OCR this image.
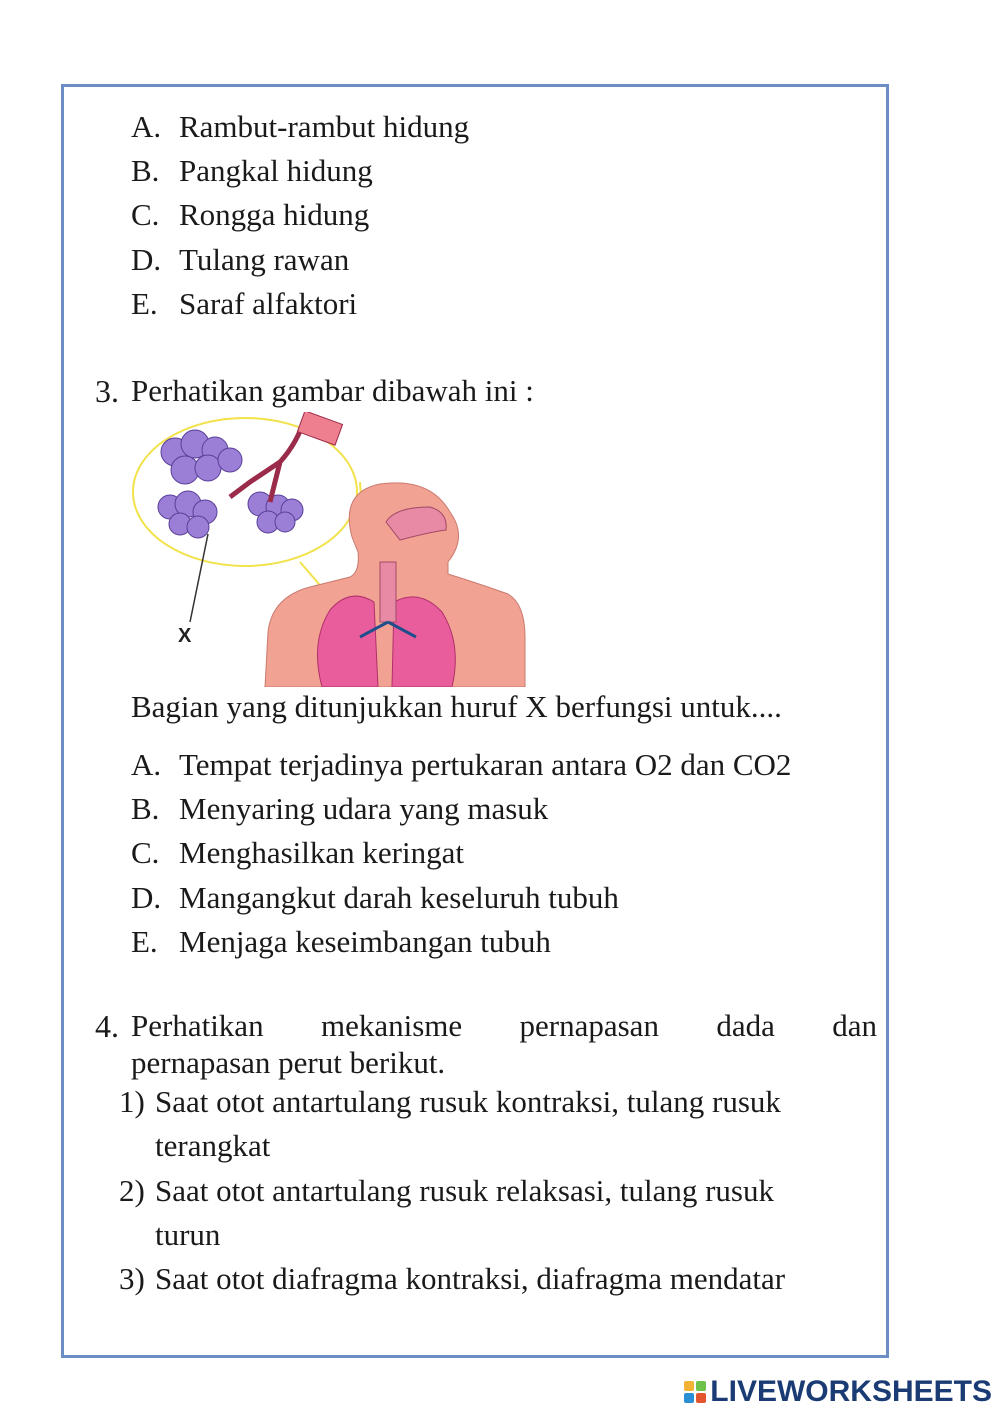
A. Rambut-rambut hidung
B. Pangkal hidung
C. Rongga hidung
D. Tulang rawan
E. Saraf alfaktori
3. Perhatikan gambar dibawah ini :
X
Bagian yang ditunjukkan huruf X berfungsi untuk....
A. Tempat terjadinya pertukaran antara O2 dan CO2
B. Menyaring udara yang masuk
C. Menghasilkan keringat
D. Mangangkut darah keseluruh tubuh
E. Menjaga keseimbangan tubuh
4. Perhatikan mekanisme pernapasan dada dan
pernapasan perut berikut.
1) Saat otot antartulang rusuk kontraksi, tulang rusuk
terangkat
2) Saat otot antartulang rusuk relaksasi, tulang rusuk
turun
3) Saat otot diafragma kontraksi, diafragma mendatar
LIVEWORKSHEETS
